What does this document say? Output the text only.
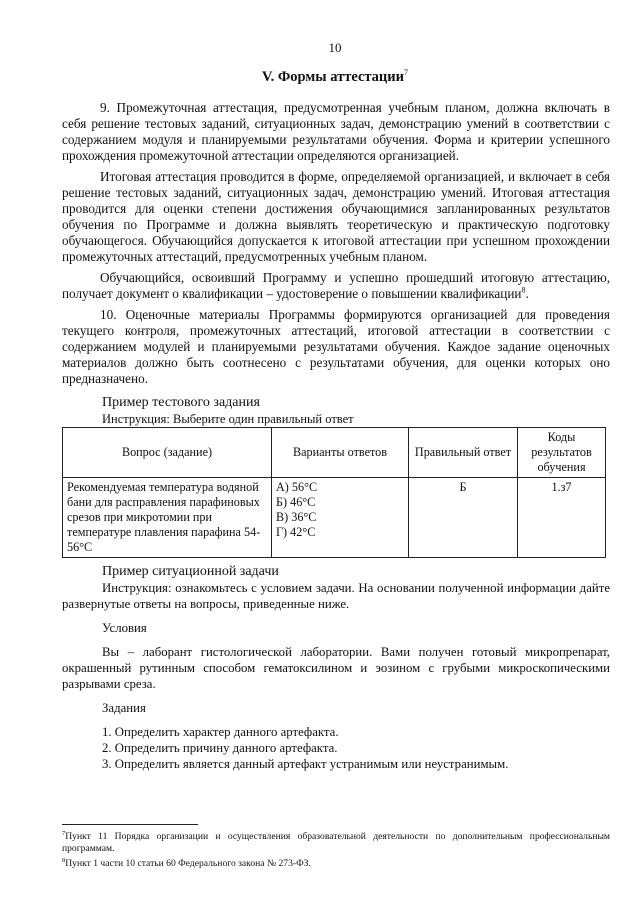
10
V. Формы аттестации$^7$

9. Промежуточная аттестация, предусмотренная учебным планом, должна включать в себя решение тестовых заданий, ситуационных задач, демонстрацию умений в соответствии с содержанием модуля и планируемыми результатами обучения. Форма и критерии успешного прохождения промежуточной аттестации определяются организацией.

Итоговая аттестация проводится в форме, определяемой организацией, и включает в себя решение тестовых заданий, ситуационных задач, демонстрацию умений. Итоговая аттестация проводится для оценки степени достижения обучающимися запланированных результатов обучения по Программе и должна выявлять теоретическую и практическую подготовку обучающегося. Обучающийся допускается к итоговой аттестации при успешном прохождении промежуточных аттестаций, предусмотренных учебным планом.

Обучающийся, освоивший Программу и успешно прошедший итоговую аттестацию, получает документ о квалификации – удостоверение о повышении квалификации$^8$.

10. Оценочные материалы Программы формируются организацией для проведения текущего контроля, промежуточных аттестаций, итоговой аттестации в соответствии с содержанием модулей и планируемыми результатами обучения. Каждое задание оценочных материалов должно быть соотнесено с результатами обучения, для оценки которых оно предназначено.

Пример тестового задания

Инструкция: Выберите один правильный ответ

Вопрос (задание)	Варианты ответов	Правильный ответ	Коды результатов обучения
Рекомендуемая температура водяной бани для расправления парафиновых срезов при микротомии при температуре плавления парафина 54-56°С	А) 56°С
Б) 46°С
В) 36°С
Г) 42°С	Б	1.з7

Пример ситуационной задачи

Инструкция: ознакомьтесь с условием задачи. На основании полученной информации дайте развернутые ответы на вопросы, приведенные ниже.

Условия

Вы – лаборант гистологической лаборатории. Вами получен готовый микропрепарат, окрашенный рутинным способом гематоксилином и эозином с грубыми микроскопическими разрывами среза.

Задания

1. Определить характер данного артефакта.

2. Определить причину данного артефакта.

3. Определить является данный артефакт устранимым или неустранимым.

$^7$Пункт 11 Порядка организации и осуществления образовательной деятельности по дополнительным профессиональным программам.

$^8$Пункт 1 части 10 статьи 60 Федерального закона № 273-ФЗ.
